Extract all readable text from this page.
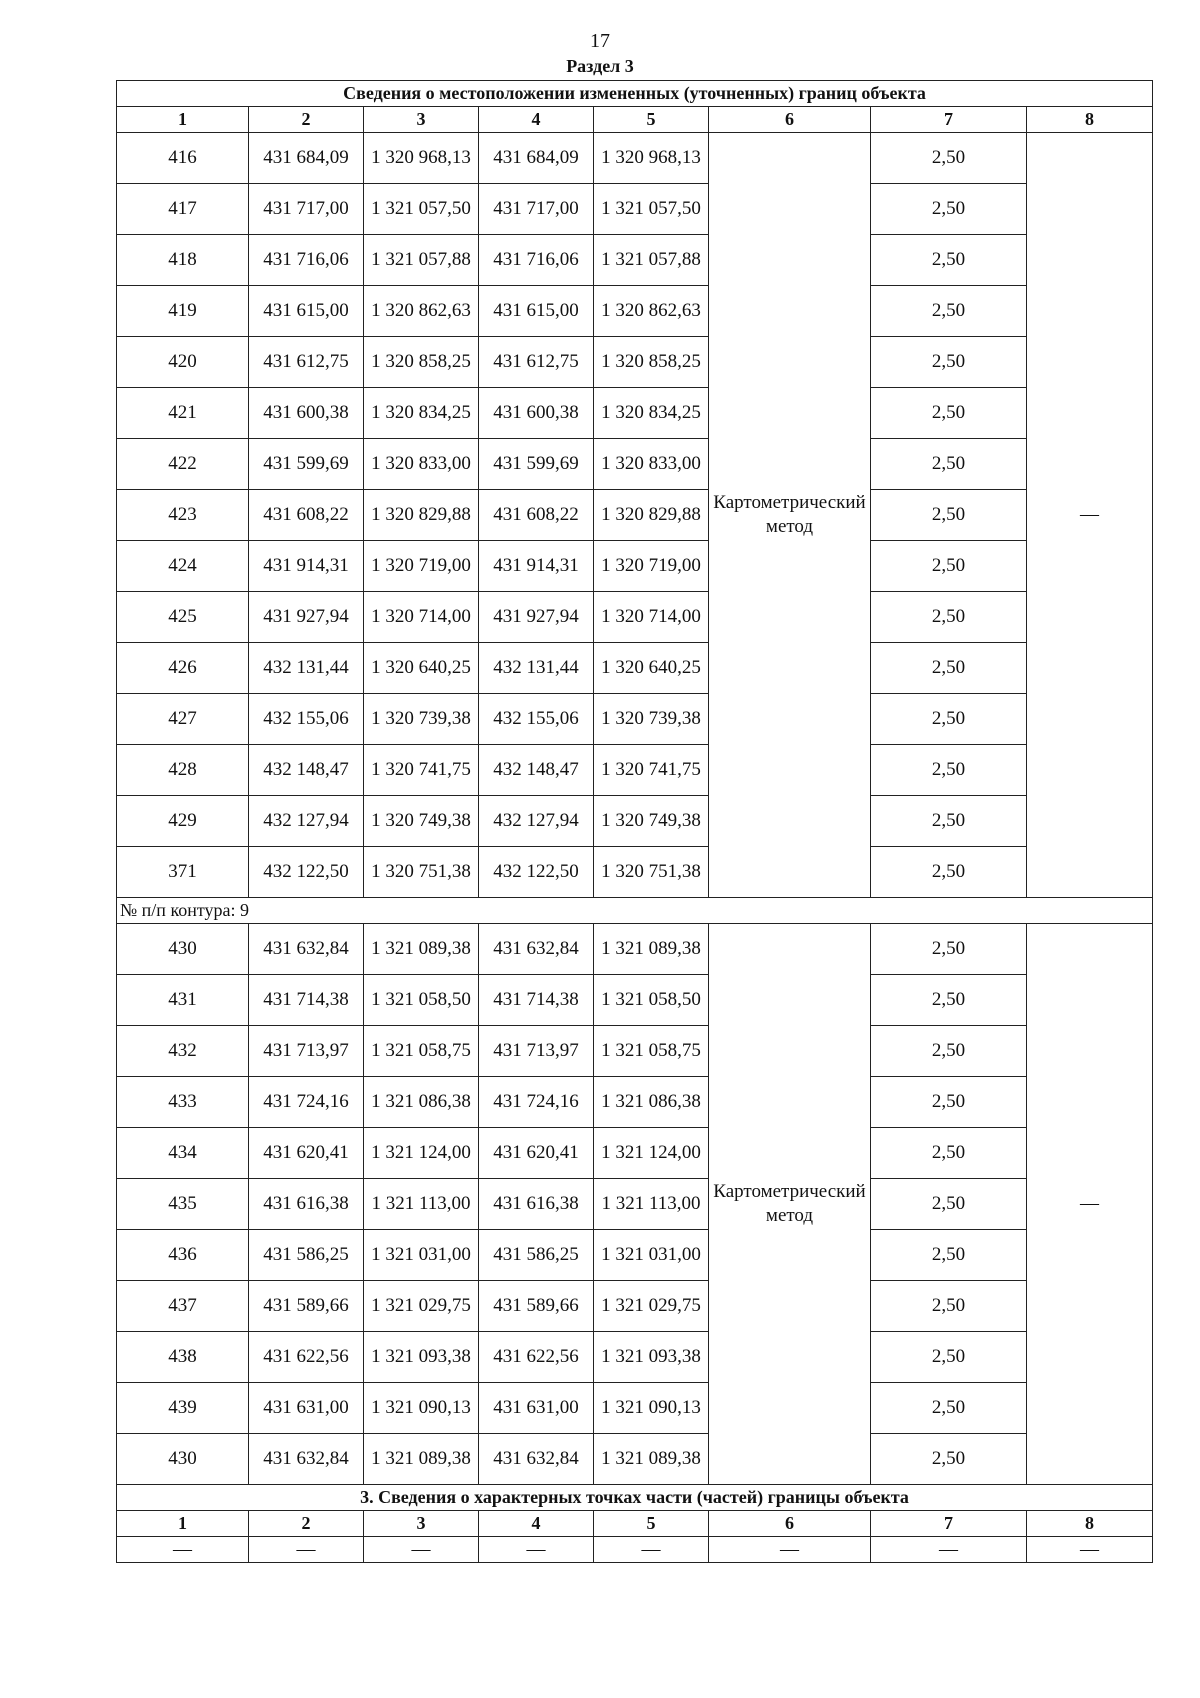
17
Раздел 3
Сведения о местоположении измененных (уточненных) границ объекта							
1	2	3	4	5	6	7	8
416	431 684,09	1 320 968,13	431 684,09	1 320 968,13	Картометрический метод	2,50	—
417	431 717,00	1 321 057,50	431 717,00	1 321 057,50		2,50	
418	431 716,06	1 321 057,88	431 716,06	1 321 057,88		2,50	
419	431 615,00	1 320 862,63	431 615,00	1 320 862,63		2,50	
420	431 612,75	1 320 858,25	431 612,75	1 320 858,25		2,50	
421	431 600,38	1 320 834,25	431 600,38	1 320 834,25		2,50	
422	431 599,69	1 320 833,00	431 599,69	1 320 833,00		2,50	
423	431 608,22	1 320 829,88	431 608,22	1 320 829,88		2,50	
424	431 914,31	1 320 719,00	431 914,31	1 320 719,00		2,50	
425	431 927,94	1 320 714,00	431 927,94	1 320 714,00		2,50	
426	432 131,44	1 320 640,25	432 131,44	1 320 640,25		2,50	
427	432 155,06	1 320 739,38	432 155,06	1 320 739,38		2,50	
428	432 148,47	1 320 741,75	432 148,47	1 320 741,75		2,50	
429	432 127,94	1 320 749,38	432 127,94	1 320 749,38		2,50	
371	432 122,50	1 320 751,38	432 122,50	1 320 751,38		2,50	
№ п/п контура: 9							
430	431 632,84	1 321 089,38	431 632,84	1 321 089,38	Картометрический метод	2,50	—
431	431 714,38	1 321 058,50	431 714,38	1 321 058,50		2,50	
432	431 713,97	1 321 058,75	431 713,97	1 321 058,75		2,50	
433	431 724,16	1 321 086,38	431 724,16	1 321 086,38		2,50	
434	431 620,41	1 321 124,00	431 620,41	1 321 124,00		2,50	
435	431 616,38	1 321 113,00	431 616,38	1 321 113,00		2,50	
436	431 586,25	1 321 031,00	431 586,25	1 321 031,00		2,50	
437	431 589,66	1 321 029,75	431 589,66	1 321 029,75		2,50	
438	431 622,56	1 321 093,38	431 622,56	1 321 093,38		2,50	
439	431 631,00	1 321 090,13	431 631,00	1 321 090,13		2,50	
430	431 632,84	1 321 089,38	431 632,84	1 321 089,38		2,50	
3. Сведения о характерных точках части (частей) границы объекта							
1	2	3	4	5	6	7	8
—	—	—	—	—	—	—	—
